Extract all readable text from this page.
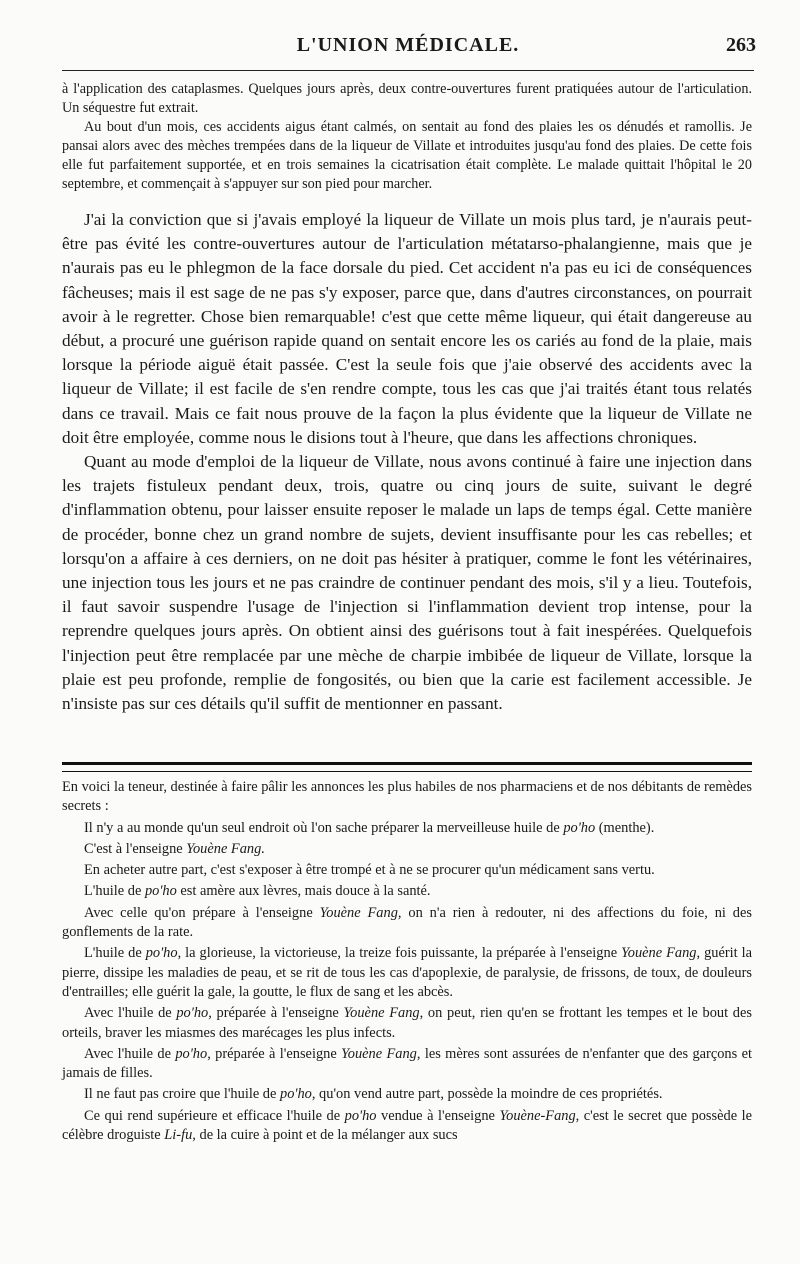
L'UNION MÉDICALE.	263

à l'application des cataplasmes. Quelques jours après, deux contre-ouvertures furent pratiquées autour de l'articulation. Un séquestre fut extrait.

Au bout d'un mois, ces accidents aigus étant calmés, on sentait au fond des plaies les os dénudés et ramollis. Je pansai alors avec des mèches trempées dans de la liqueur de Villate et introduites jusqu'au fond des plaies. De cette fois elle fut parfaitement supportée, et en trois semaines la cicatrisation était complète. Le malade quittait l'hôpital le 20 septembre, et commençait à s'appuyer sur son pied pour marcher.

J'ai la conviction que si j'avais employé la liqueur de Villate un mois plus tard, je n'aurais peut-être pas évité les contre-ouvertures autour de l'articulation métatarso-phalangienne, mais que je n'aurais pas eu le phlegmon de la face dorsale du pied. Cet accident n'a pas eu ici de conséquences fâcheuses; mais il est sage de ne pas s'y exposer, parce que, dans d'autres circonstances, on pourrait avoir à le regretter. Chose bien remarquable! c'est que cette même liqueur, qui était dangereuse au début, a procuré une guérison rapide quand on sentait encore les os cariés au fond de la plaie, mais lorsque la période aiguë était passée. C'est la seule fois que j'aie observé des accidents avec la liqueur de Villate; il est facile de s'en rendre compte, tous les cas que j'ai traités étant tous relatés dans ce travail. Mais ce fait nous prouve de la façon la plus évidente que la liqueur de Villate ne doit être employée, comme nous le disions tout à l'heure, que dans les affections chroniques.

Quant au mode d'emploi de la liqueur de Villate, nous avons continué à faire une injection dans les trajets fistuleux pendant deux, trois, quatre ou cinq jours de suite, suivant le degré d'inflammation obtenu, pour laisser ensuite reposer le malade un laps de temps égal. Cette manière de procéder, bonne chez un grand nombre de sujets, devient insuffisante pour les cas rebelles; et lorsqu'on a affaire à ces derniers, on ne doit pas hésiter à pratiquer, comme le font les vétérinaires, une injection tous les jours et ne pas craindre de continuer pendant des mois, s'il y a lieu. Toutefois, il faut savoir suspendre l'usage de l'injection si l'inflammation devient trop intense, pour la reprendre quelques jours après. On obtient ainsi des guérisons tout à fait inespérées. Quelquefois l'injection peut être remplacée par une mèche de charpie imbibée de liqueur de Villate, lorsque la plaie est peu profonde, remplie de fongosités, ou bien que la carie est facilement accessible. Je n'insiste pas sur ces détails qu'il suffit de mentionner en passant.

En voici la teneur, destinée à faire pâlir les annonces les plus habiles de nos pharmaciens et de nos débitants de remèdes secrets :

Il n'y a au monde qu'un seul endroit où l'on sache préparer la merveilleuse huile de po'ho (menthe).

C'est à l'enseigne Youène Fang.

En acheter autre part, c'est s'exposer à être trompé et à ne se procurer qu'un médicament sans vertu.

L'huile de po'ho est amère aux lèvres, mais douce à la santé.

Avec celle qu'on prépare à l'enseigne Youène Fang, on n'a rien à redouter, ni des affections du foie, ni des gonflements de la rate.

L'huile de po'ho, la glorieuse, la victorieuse, la treize fois puissante, la préparée à l'enseigne Youène Fang, guérit la pierre, dissipe les maladies de peau, et se rit de tous les cas d'apoplexie, de paralysie, de frissons, de toux, de douleurs d'entrailles; elle guérit la gale, la goutte, le flux de sang et les abcès.

Avec l'huile de po'ho, préparée à l'enseigne Youène Fang, on peut, rien qu'en se frottant les tempes et le bout des orteils, braver les miasmes des marécages les plus infects.

Avec l'huile de po'ho, préparée à l'enseigne Youène Fang, les mères sont assurées de n'enfanter que des garçons et jamais de filles.

Il ne faut pas croire que l'huile de po'ho, qu'on vend autre part, possède la moindre de ces propriétés.

Ce qui rend supérieure et efficace l'huile de po'ho vendue à l'enseigne Youène-Fang, c'est le secret que possède le célèbre droguiste Li-fu, de la cuire à point et de la mélanger aux sucs
